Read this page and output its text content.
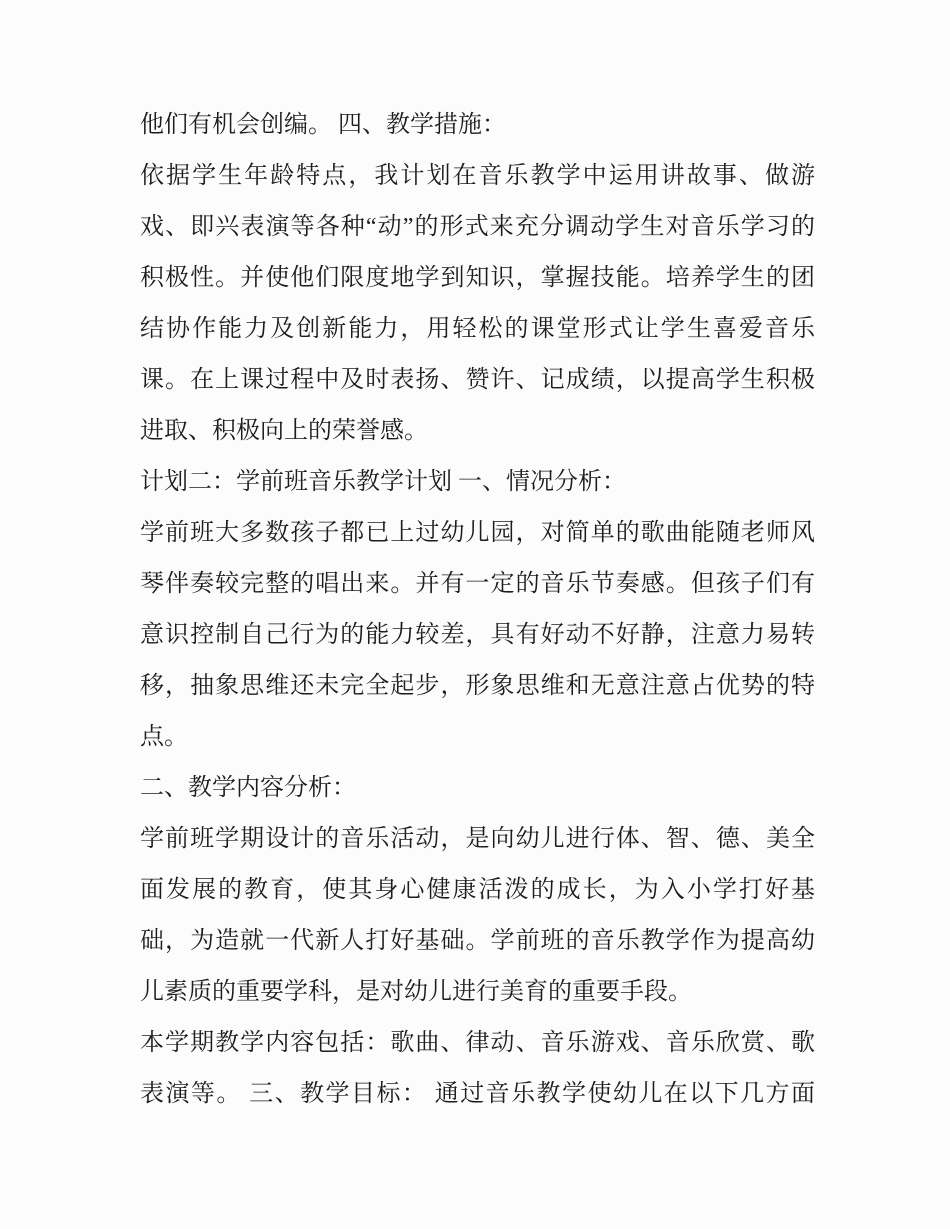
他们有机会创编。 四、教学措施：
依据学生年龄特点，我计划在音乐教学中运用讲故事、做游
戏、即兴表演等各种“动”的形式来充分调动学生对音乐学习的
积极性。并使他们限度地学到知识，掌握技能。培养学生的团
结协作能力及创新能力，用轻松的课堂形式让学生喜爱音乐
课。在上课过程中及时表扬、赞许、记成绩，以提高学生积极
进取、积极向上的荣誉感。
计划二：学前班音乐教学计划 一、情况分析：
学前班大多数孩子都已上过幼儿园，对简单的歌曲能随老师风
琴伴奏较完整的唱出来。并有一定的音乐节奏感。但孩子们有
意识控制自己行为的能力较差，具有好动不好静，注意力易转
移，抽象思维还未完全起步，形象思维和无意注意占优势的特
点。
二、教学内容分析：
学前班学期设计的音乐活动，是向幼儿进行体、智、德、美全
面发展的教育，使其身心健康活泼的成长，为入小学打好基
础，为造就一代新人打好基础。学前班的音乐教学作为提高幼
儿素质的重要学科，是对幼儿进行美育的重要手段。
本学期教学内容包括：歌曲、律动、音乐游戏、音乐欣赏、歌
表演等。 三、教学目标： 通过音乐教学使幼儿在以下几方面
